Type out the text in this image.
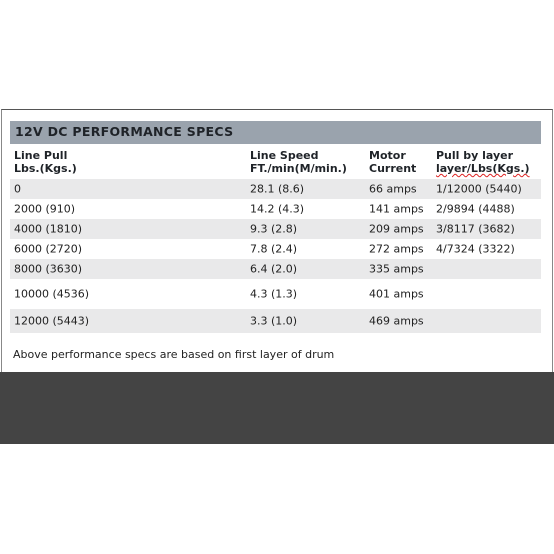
12V DC PERFORMANCE SPECS
Line Pull
Lbs.(Kgs.)
Line Speed
FT./min(M/min.)
Motor
Current
Pull by layer
layer/Lbs(Kgs.)
0	28.1 (8.6)	66 amps 1/12000 (5440)
2000 (910)	14.2 (4.3)	141 amps 2/9894 (4488)
4000 (1810)	9.3 (2.8)	209 amps 3/8117 (3682)
6000 (2720)	7.8 (2.4)	272 amps 4/7324 (3322)
8000 (3630)	6.4 (2.0)	335 amps
10000 (4536)	4.3 (1.3)	401 amps
12000 (5443)	3.3 (1.0)	469 amps
Above performance specs are based on first layer of drum
